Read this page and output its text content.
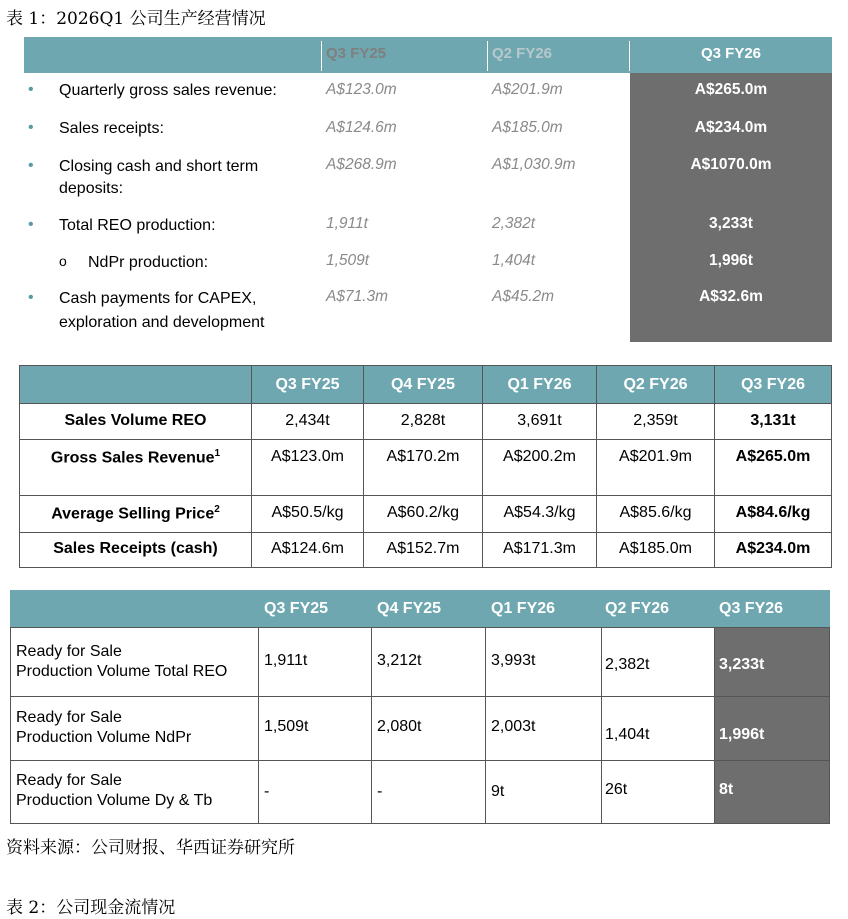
表 1：2026Q1 公司生产经营情况
Q3 FY25	Q2 FY26	Q3 FY26
• Quarterly gross sales revenue:	A$123.0m	A$201.9m	A$265.0m
• Sales receipts:	A$124.6m	A$185.0m	A$234.0m
• Closing cash and short term
deposits:
A$268.9m	A$1,030.9m	A$1070.0m
• Total REO production:	1,911t	2,382t	3,233t
o NdPr production:	1,509t	1,404t	1,996t
• Cash payments for CAPEX,
exploration and development
A$71.3m	A$45.2m	A$32.6m
Q3 FY25	Q4 FY25	Q1 FY26	Q2 FY26	Q3 FY26
Sales Volume REO	2,434t	2,828t	3,691t	2,359t	3,131t
Gross Sales Revenue$^1$	A$123.0m	A$170.2m	A$200.2m	A$201.9m	A$265.0m
Average Selling Price$^2$	A$50.5/kg	A$60.2/kg	A$54.3/kg	A$85.6/kg	A$84.6/kg
Sales Receipts (cash)	A$124.6m	A$152.7m	A$171.3m	A$185.0m	A$234.0m
Q3 FY25	Q4 FY25	Q1 FY26	Q2 FY26	Q3 FY26
Ready for Sale
Production Volume Total REO
1,911t	3,212t	3,993t	2,382t	3,233t
Ready for Sale
Production Volume NdPr
1,509t	2,080t	2,003t	1,404t	1,996t
Ready for Sale
Production Volume Dy & Tb
-	-	9t	26t	8t
资料来源：公司财报、华西证券研究所
表 2：公司现金流情况
